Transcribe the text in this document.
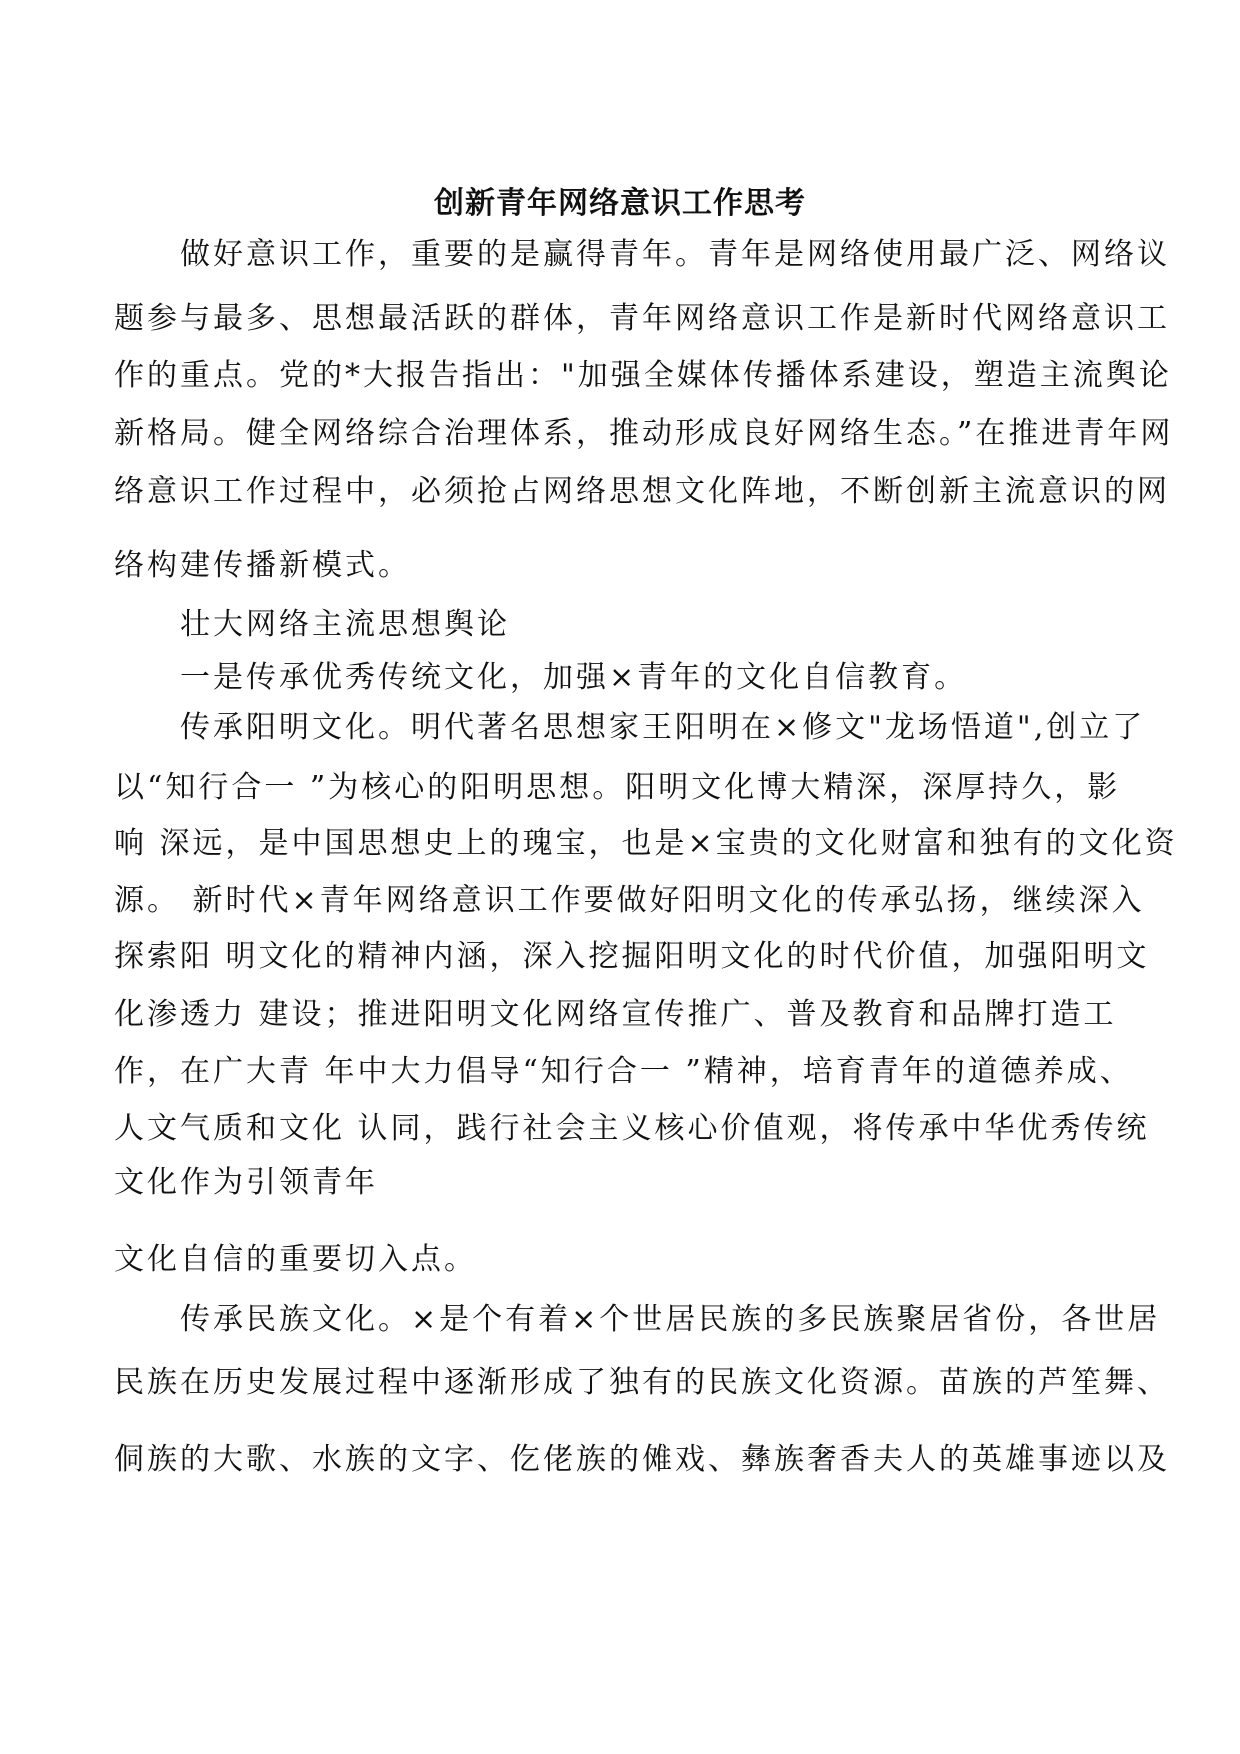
创新青年网络意识工作思考
做好意识工作，重要的是赢得青年。青年是网络使用最广泛、网络议
题参与最多、思想最活跃的群体，青年网络意识工作是新时代网络意识工
作的重点。党的*大报告指出："加强全媒体传播体系建设，塑造主流舆论
新格局。健全网络综合治理体系，推动形成良好网络生态。”在推进青年网
络意识工作过程中，必须抢占网络思想文化阵地，不断创新主流意识的网
络构建传播新模式。
壮大网络主流思想舆论
一是传承优秀传统文化，加强×青年的文化自信教育。
传承阳明文化。明代著名思想家王阳明在×修文"龙场悟道",创立了
以“知行合一 ”为核心的阳明思想。阳明文化博大精深，深厚持久，影
响 深远，是中国思想史上的瑰宝，也是×宝贵的文化财富和独有的文化资
源。 新时代×青年网络意识工作要做好阳明文化的传承弘扬，继续深入
探索阳 明文化的精神内涵，深入挖掘阳明文化的时代价值，加强阳明文
化渗透力 建设；推进阳明文化网络宣传推广、普及教育和品牌打造工
作，在广大青 年中大力倡导“知行合一 ”精神，培育青年的道德养成、
人文气质和文化 认同，践行社会主义核心价值观，将传承中华优秀传统
文化作为引领青年
文化自信的重要切入点。
传承民族文化。×是个有着×个世居民族的多民族聚居省份，各世居
民族在历史发展过程中逐渐形成了独有的民族文化资源。苗族的芦笙舞、
侗族的大歌、水族的文字、仡佬族的傩戏、彝族奢香夫人的英雄事迹以及
